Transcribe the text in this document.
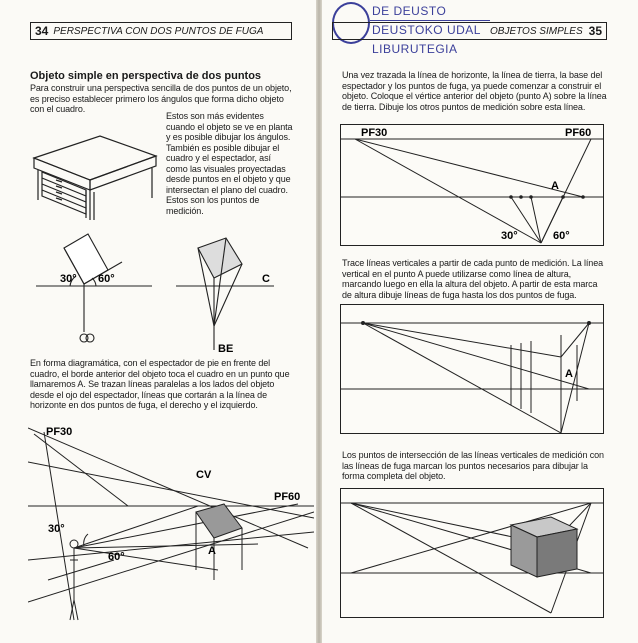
34 PERSPECTIVA CON DOS PUNTOS DE FUGA
Objeto simple en perspectiva de dos puntos
Para construir una perspectiva sencilla de dos puntos de un objeto, es preciso establecer primero los ángulos que forma dicho objeto con el cuadro.
Estos son más evidentes cuando el objeto se ve en planta y es posible dibujar los ángulos. También es posible dibujar el cuadro y el espectador, así como las visuales proyectadas desde puntos en el objeto y que intersectan el plano del cuadro. Estos son los puntos de medición.
30° 60°	C
BE
En forma diagramática, con el espectador de pie en frente del cuadro, el borde anterior del objeto toca el cuadro en un punto que llamaremos A. Se trazan líneas paralelas a los lados del objeto desde el ojo del espectador, líneas que cortarán a la línea de horizonte en dos puntos de fuga, el derecho y el izquierdo.
PF30
CV
PF60
30°
60°	A
DE DEUSTO
DEUSTOKO UDAL
LIBURUTEGIA
OBJETOS SIMPLES 35
Una vez trazada la línea de horizonte, la línea de tierra, la base del espectador y los puntos de fuga, ya puede comenzar a construir el objeto. Coloque el vértice anterior del objeto (punto A) sobre la línea de tierra. Dibuje los otros puntos de medición sobre esta línea.
PF30	PF60
A
30°	60°
Trace líneas verticales a partir de cada punto de medición. La línea vertical en el punto A puede utilizarse como línea de altura, marcando luego en ella la altura del objeto. A partir de esta marca de altura dibuje líneas de fuga hasta los dos puntos de fuga.
A
Los puntos de intersección de las líneas verticales de medición con las líneas de fuga marcan los puntos necesarios para dibujar la forma completa del objeto.
